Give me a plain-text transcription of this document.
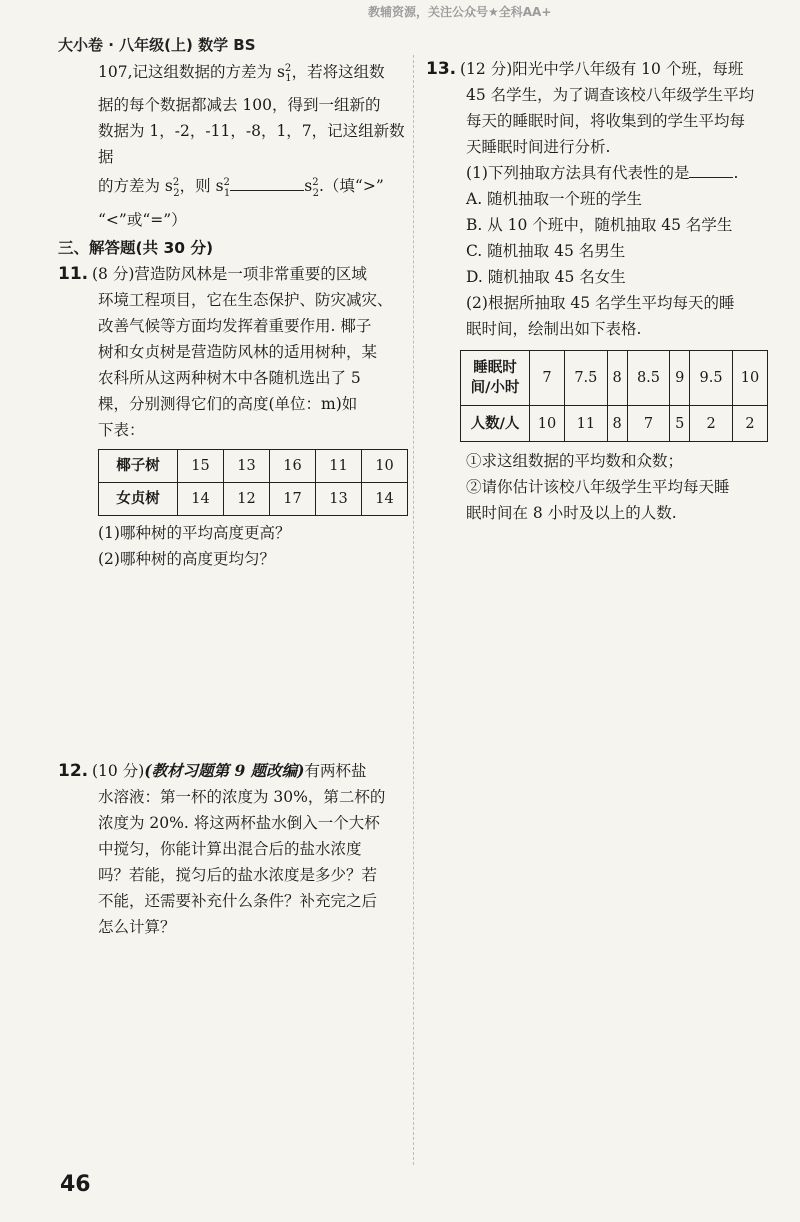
大小卷 · 八年级(上) 数学 BS
教辅资源，关注公众号★全科AA+

107,记这组数据的方差为 $s^2_1$，若将这组数

据的每个数据都减去 100，得到一组新的

数据为 1，-2，-11，-8，1，7，记这组新数据

的方差为 $s^2_2$，则 $s^2_1$	$s^2_2$.（填“>”

“<”或“=”）

三、解答题(共 30 分)

11. (8 分)营造防风林是一项非常重要的区域

环境工程项目，它在生态保护、防灾减灾、

改善气候等方面均发挥着重要作用. 椰子

树和女贞树是营造防风林的适用树种，某

农科所从这两种树木中各随机选出了 5

棵，分别测得它们的高度(单位：m)如

下表：

椰子树	15	13	16	11	10
女贞树	14	12	17	13	14

(1)哪种树的平均高度更高？

(2)哪种树的高度更均匀？

12. (10 分)(教材习题第 9 题改编)有两杯盐

水溶液：第一杯的浓度为 30%，第二杯的

浓度为 20%. 将这两杯盐水倒入一个大杯

中搅匀，你能计算出混合后的盐水浓度

吗？若能，搅匀后的盐水浓度是多少？若

不能，还需要补充什么条件？补充完之后

怎么计算？

13. (12 分)阳光中学八年级有 10 个班，每班

45 名学生，为了调查该校八年级学生平均

每天的睡眠时间，将收集到的学生平均每

天睡眠时间进行分析.

(1)下列抽取方法具有代表性的是	.

A. 随机抽取一个班的学生

B. 从 10 个班中，随机抽取 45 名学生

C. 随机抽取 45 名男生

D. 随机抽取 45 名女生

(2)根据所抽取 45 名学生平均每天的睡

眠时间，绘制出如下表格.

睡眠时
间/小时	7	7.5	8	8.5	9	9.5	10
人数/人	10	11	8	7	5	2	2

①求这组数据的平均数和众数；

②请你估计该校八年级学生平均每天睡

眠时间在 8 小时及以上的人数.

46
